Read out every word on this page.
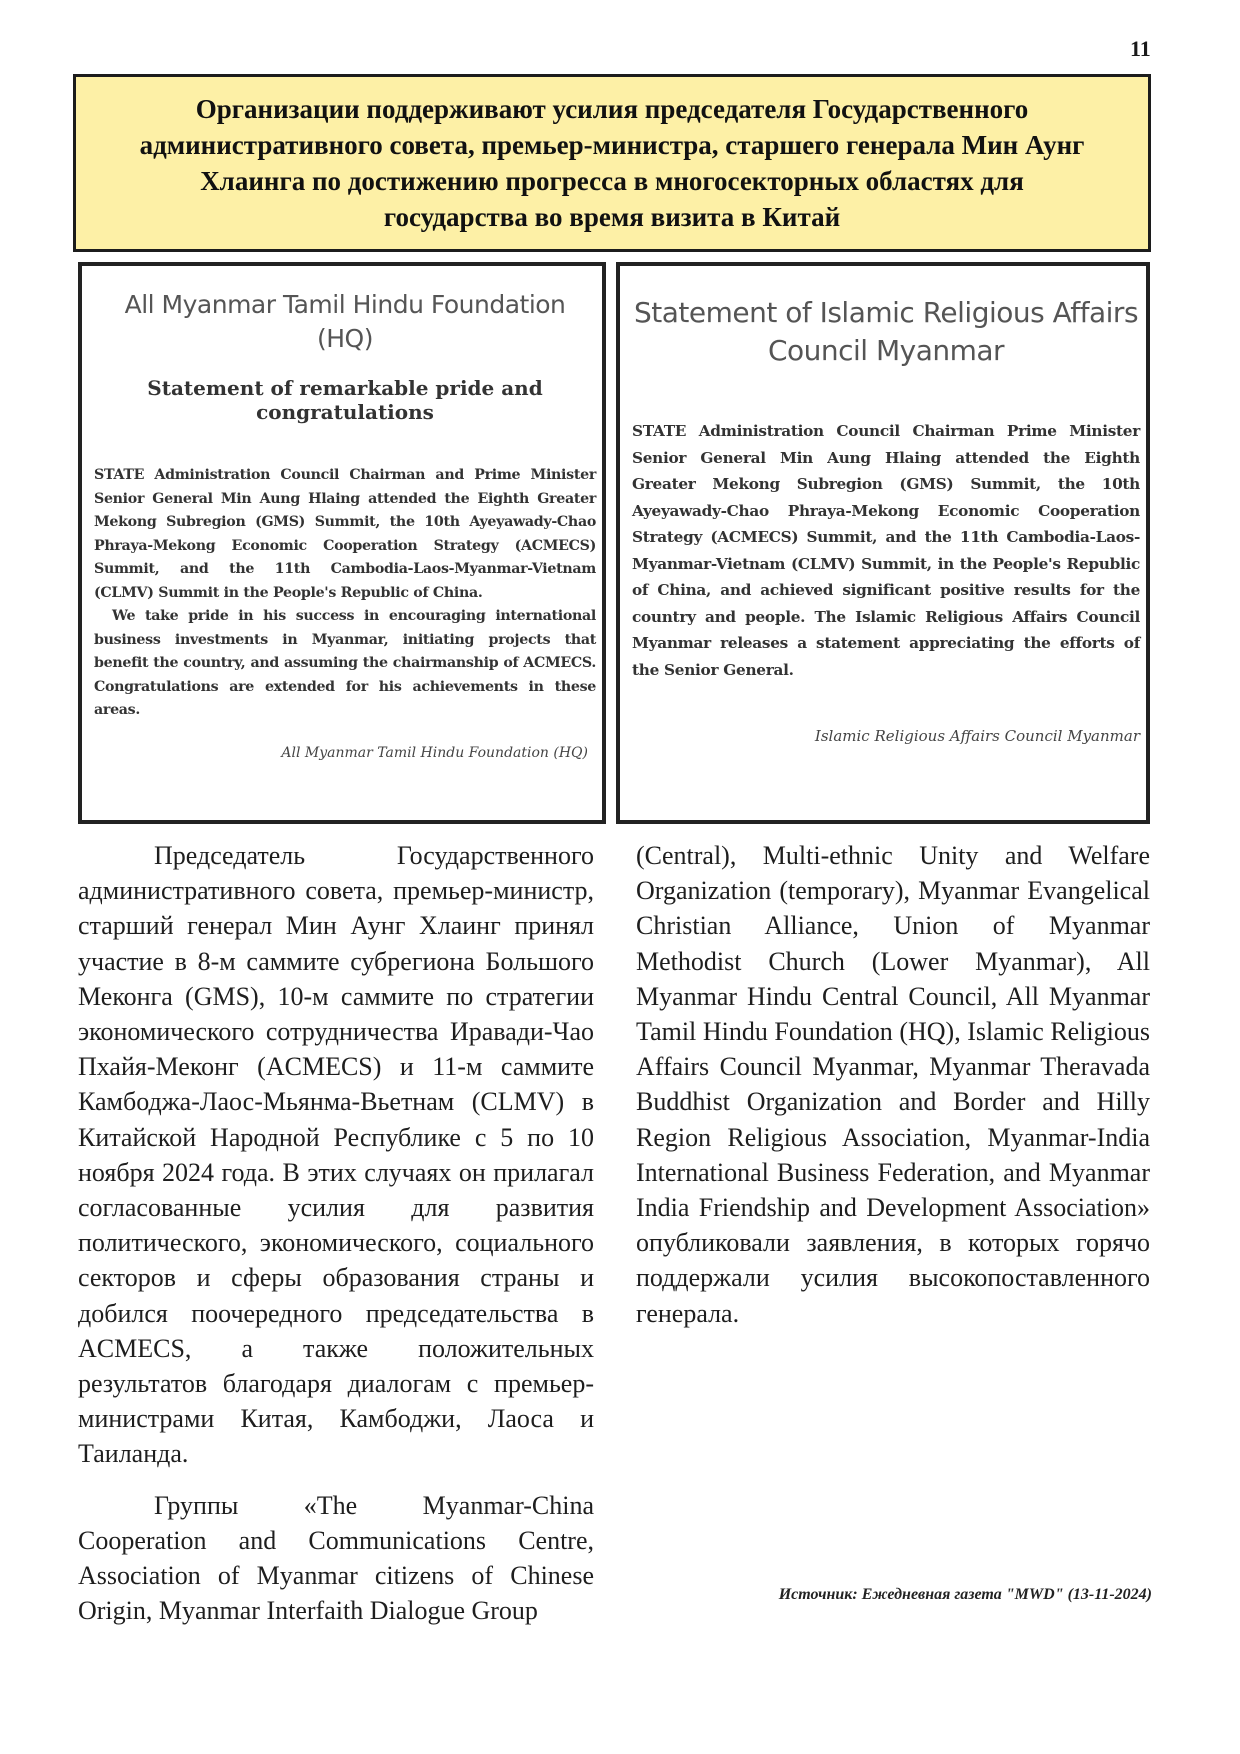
11
Организации поддерживают усилия председателя Государственного административного совета, премьер-министра, старшего генерала Мин Аунг Хлаинга по достижению прогресса в многосекторных областях для государства во время визита в Китай
All Myanmar Tamil Hindu Foundation (HQ)
Statement of remarkable pride and congratulations

STATE Administration Council Chairman and Prime Minister Senior General Min Aung Hlaing attended the Eighth Greater Mekong Subregion (GMS) Summit, the 10th Ayeyawady-Chao Phraya-Mekong Economic Cooperation Strategy (ACMECS) Summit, and the 11th Cambodia-Laos-Myanmar-Vietnam (CLMV) Summit in the People's Republic of China.

We take pride in his success in encouraging international business investments in Myanmar, initiating projects that benefit the country, and assuming the chairmanship of ACMECS. Congratulations are extended for his achievements in these areas.

All Myanmar Tamil Hindu Foundation (HQ)
Statement of Islamic Religious Affairs Council Myanmar

STATE Administration Council Chairman Prime Minister Senior General Min Aung Hlaing attended the Eighth Greater Mekong Subregion (GMS) Summit, the 10th Ayeyawady-Chao Phraya-Mekong Economic Cooperation Strategy (ACMECS) Summit, and the 11th Cambodia-Laos-Myanmar-Vietnam (CLMV) Summit, in the People's Republic of China, and achieved significant positive results for the country and people. The Islamic Religious Affairs Council Myanmar releases a statement appreciating the efforts of the Senior General.

Islamic Religious Affairs Council Myanmar

Председатель Государственного административного совета, премьер-министр, старший генерал Мин Аунг Хлаинг принял участие в 8-м саммите субрегиона Большого Меконга (GMS), 10-м саммите по стратегии экономического сотрудничества Иравади-Чао Пхайя-Меконг (ACMECS) и 11-м саммите Камбоджа-Лаос-Мьянма-Вьетнам (CLMV) в Китайской Народной Республике с 5 по 10 ноября 2024 года. В этих случаях он прилагал согласованные усилия для развития политического, экономического, социального секторов и сферы образования страны и добился поочередного председательства в ACMECS, а также положительных результатов благодаря диалогам с премьер-министрами Китая, Камбоджи, Лаоса и Таиланда.

Группы «The Myanmar-China Cooperation and Communications Centre, Association of Myanmar citizens of Chinese Origin, Myanmar Interfaith Dialogue Group

(Central), Multi-ethnic Unity and Welfare Organization (temporary), Myanmar Evangelical Christian Alliance, Union of Myanmar Methodist Church (Lower Myanmar), All Myanmar Hindu Central Council, All Myanmar Tamil Hindu Foundation (HQ), Islamic Religious Affairs Council Myanmar, Myanmar Theravada Buddhist Organization and Border and Hilly Region Religious Association, Myanmar-India International Business Federation, and Myanmar India Friendship and Development Association» опубликовали заявления, в которых горячо поддержали усилия высокопоставленного генерала.

Источник: Ежедневная газета "MWD" (13-11-2024)
